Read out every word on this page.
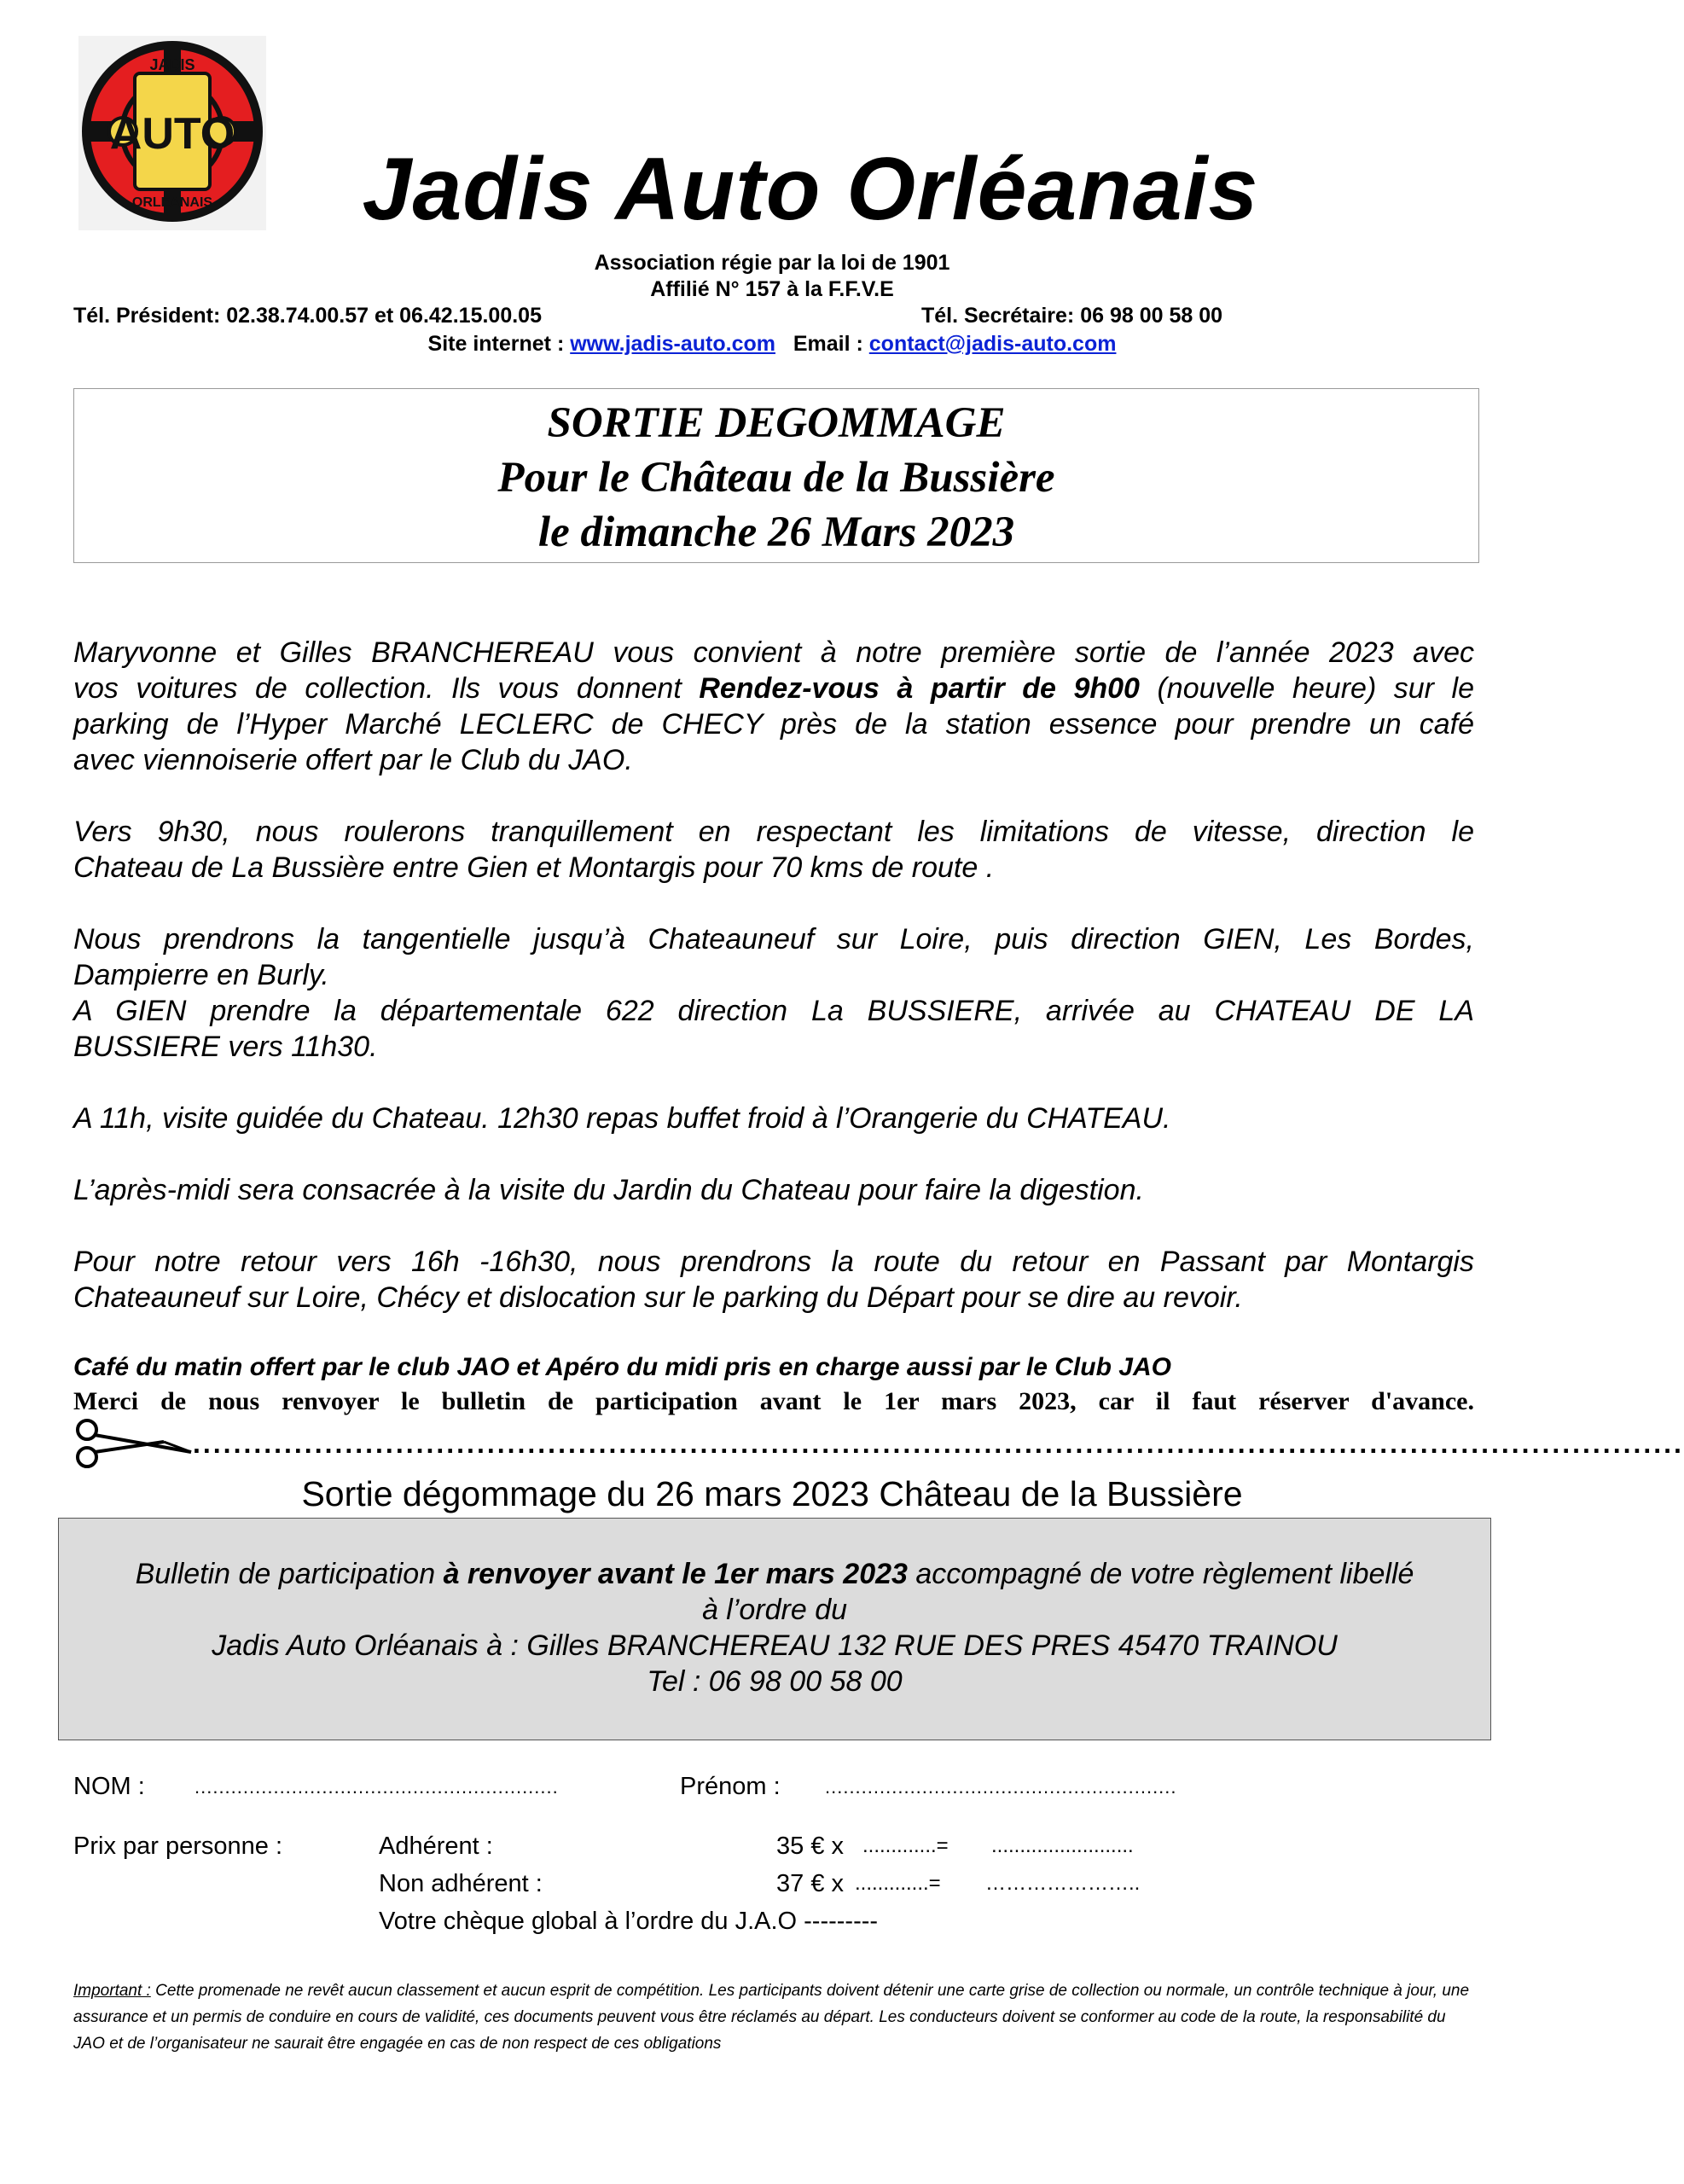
AUTO
JADIS
ORLEANAIS	Jadis Auto Orléanais
Association régie par la loi de 1901
Affilié N° 157 à la F.F.V.E
Tél. Président: 02.38.74.00.57 et 06.42.15.00.05	Tél. Secrétaire: 06 98 00 58 00
Site internet : www.jadis-auto.com Email : contact@jadis-auto.com
SORTIE DEGOMMAGE
Pour le Château de la Bussière
le dimanche 26 Mars 2023
Maryvonne et Gilles BRANCHEREAU vous convient à notre première sortie de l’année 2023 avec
vos voitures de collection. Ils vous donnent Rendez-vous à partir de 9h00 (nouvelle heure) sur le
parking de l’Hyper Marché LECLERC de CHECY près de la station essence pour prendre un café
avec viennoiserie offert par le Club du JAO.
Vers 9h30, nous roulerons tranquillement en respectant les limitations de vitesse, direction le
Chateau de La Bussière entre Gien et Montargis pour 70 kms de route .
Nous prendrons la tangentielle jusqu’à Chateauneuf sur Loire, puis direction GIEN, Les Bordes,
Dampierre en Burly.
A GIEN prendre la départementale 622 direction La BUSSIERE, arrivée au CHATEAU DE LA
BUSSIERE vers 11h30.
A 11h, visite guidée du Chateau. 12h30 repas buffet froid à l’Orangerie du CHATEAU.
L’après-midi sera consacrée à la visite du Jardin du Chateau pour faire la digestion.
Pour notre retour vers 16h -16h30, nous prendrons la route du retour en Passant par Montargis
Chateauneuf sur Loire, Chécy et dislocation sur le parking du Départ pour se dire au revoir.
Café du matin offert par le club JAO et Apéro du midi pris en charge aussi par le Club JAO
Merci de nous renvoyer le bulletin de participation avant le 1er mars 2023, car il faut réserver d'avance.
...................................................................................................................................................
Sortie dégommage du 26 mars 2023 Château de la Bussière
Bulletin de participation à renvoyer avant le 1er mars 2023 accompagné de votre règlement libellé
à l’ordre du
Jadis Auto Orléanais à : Gilles BRANCHEREAU 132 RUE DES PRES 45470 TRAINOU
Tel : 06 98 00 58 00
NOM :	............................................................	Prénom : ..........................................................
Prix par personne :	Adhérent :	35 € x .............= .........................
Non adhérent :	37 € x .............= …………………..
Votre chèque global à l’ordre du J.A.O ---------
Important : Cette promenade ne revêt aucun classement et aucun esprit de compétition. Les participants doivent détenir une carte grise de collection ou normale, un contrôle technique à jour, une assurance et un permis de conduire en cours de validité, ces documents peuvent vous être réclamés au départ. Les conducteurs doivent se conformer au code de la route, la responsabilité du JAO et de l’organisateur ne saurait être engagée en cas de non respect de ces obligations
